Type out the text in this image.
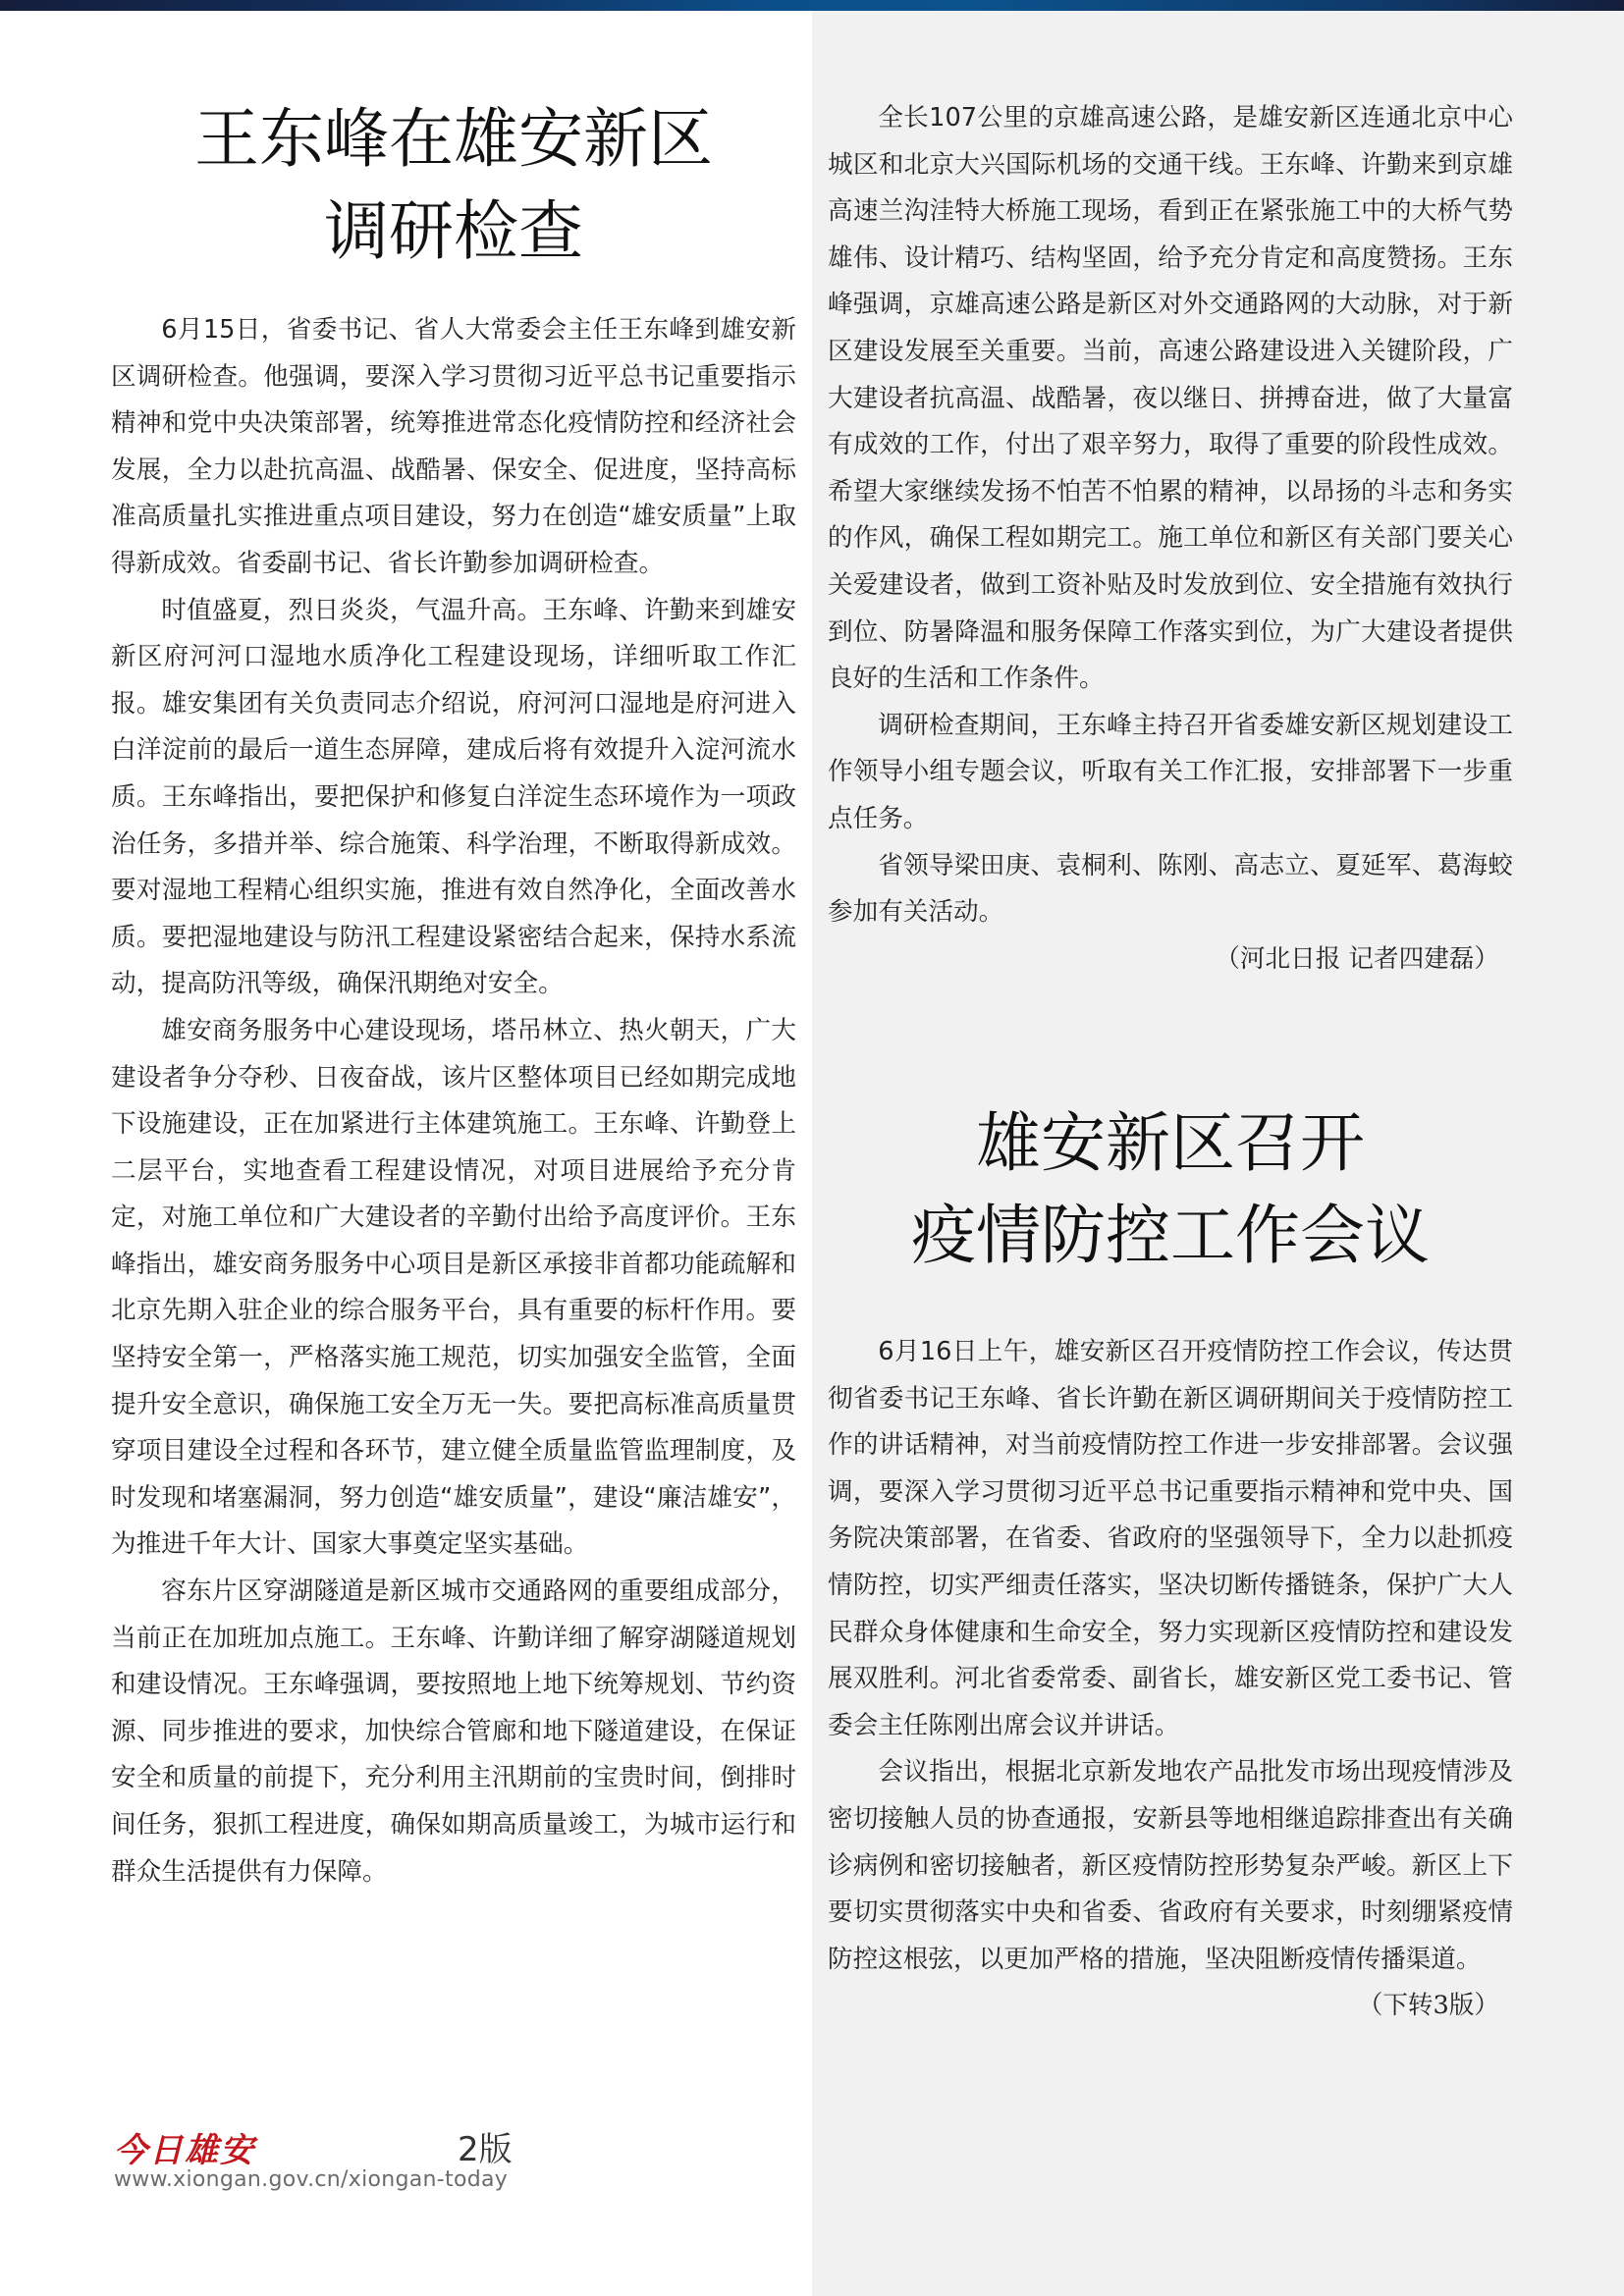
王东峰在雄安新区
调研检查

6月15日，省委书记、省人大常委会主任王东峰到雄安新区调研检查。他强调，要深入学习贯彻习近平总书记重要指示精神和党中央决策部署，统筹推进常态化疫情防控和经济社会发展，全力以赴抗高温、战酷暑、保安全、促进度，坚持高标准高质量扎实推进重点项目建设，努力在创造“雄安质量”上取得新成效。省委副书记、省长许勤参加调研检查。

时值盛夏，烈日炎炎，气温升高。王东峰、许勤来到雄安新区府河河口湿地水质净化工程建设现场，详细听取工作汇报。雄安集团有关负责同志介绍说，府河河口湿地是府河进入白洋淀前的最后一道生态屏障，建成后将有效提升入淀河流水质。王东峰指出，要把保护和修复白洋淀生态环境作为一项政治任务，多措并举、综合施策、科学治理，不断取得新成效。要对湿地工程精心组织实施，推进有效自然净化，全面改善水质。要把湿地建设与防汛工程建设紧密结合起来，保持水系流动，提高防汛等级，确保汛期绝对安全。

雄安商务服务中心建设现场，塔吊林立、热火朝天，广大建设者争分夺秒、日夜奋战，该片区整体项目已经如期完成地下设施建设，正在加紧进行主体建筑施工。王东峰、许勤登上二层平台，实地查看工程建设情况，对项目进展给予充分肯定，对施工单位和广大建设者的辛勤付出给予高度评价。王东峰指出，雄安商务服务中心项目是新区承接非首都功能疏解和北京先期入驻企业的综合服务平台，具有重要的标杆作用。要坚持安全第一，严格落实施工规范，切实加强安全监管，全面提升安全意识，确保施工安全万无一失。要把高标准高质量贯穿项目建设全过程和各环节，建立健全质量监管监理制度，及时发现和堵塞漏洞，努力创造“雄安质量”，建设“廉洁雄安”，为推进千年大计、国家大事奠定坚实基础。

容东片区穿湖隧道是新区城市交通路网的重要组成部分，当前正在加班加点施工。王东峰、许勤详细了解穿湖隧道规划和建设情况。王东峰强调，要按照地上地下统筹规划、节约资源、同步推进的要求，加快综合管廊和地下隧道建设，在保证安全和质量的前提下，充分利用主汛期前的宝贵时间，倒排时间任务，狠抓工程进度，确保如期高质量竣工，为城市运行和群众生活提供有力保障。

全长107公里的京雄高速公路，是雄安新区连通北京中心城区和北京大兴国际机场的交通干线。王东峰、许勤来到京雄高速兰沟洼特大桥施工现场，看到正在紧张施工中的大桥气势雄伟、设计精巧、结构坚固，给予充分肯定和高度赞扬。王东峰强调，京雄高速公路是新区对外交通路网的大动脉，对于新区建设发展至关重要。当前，高速公路建设进入关键阶段，广大建设者抗高温、战酷暑，夜以继日、拼搏奋进，做了大量富有成效的工作，付出了艰辛努力，取得了重要的阶段性成效。希望大家继续发扬不怕苦不怕累的精神，以昂扬的斗志和务实的作风，确保工程如期完工。施工单位和新区有关部门要关心关爱建设者，做到工资补贴及时发放到位、安全措施有效执行到位、防暑降温和服务保障工作落实到位，为广大建设者提供良好的生活和工作条件。

调研检查期间，王东峰主持召开省委雄安新区规划建设工作领导小组专题会议，听取有关工作汇报，安排部署下一步重点任务。

省领导梁田庚、袁桐利、陈刚、高志立、夏延军、葛海蛟参加有关活动。

（河北日报 记者四建磊）

雄安新区召开
疫情防控工作会议

6月16日上午，雄安新区召开疫情防控工作会议，传达贯彻省委书记王东峰、省长许勤在新区调研期间关于疫情防控工作的讲话精神，对当前疫情防控工作进一步安排部署。会议强调，要深入学习贯彻习近平总书记重要指示精神和党中央、国务院决策部署，在省委、省政府的坚强领导下，全力以赴抓疫情防控，切实严细责任落实，坚决切断传播链条，保护广大人民群众身体健康和生命安全，努力实现新区疫情防控和建设发展双胜利。河北省委常委、副省长，雄安新区党工委书记、管委会主任陈刚出席会议并讲话。

会议指出，根据北京新发地农产品批发市场出现疫情涉及密切接触人员的协查通报，安新县等地相继追踪排查出有关确诊病例和密切接触者，新区疫情防控形势复杂严峻。新区上下要切实贯彻落实中央和省委、省政府有关要求，时刻绷紧疫情防控这根弦，以更加严格的措施，坚决阻断疫情传播渠道。

（下转3版）

今日雄安	2版
www.xiongan.gov.cn/xiongan-today
